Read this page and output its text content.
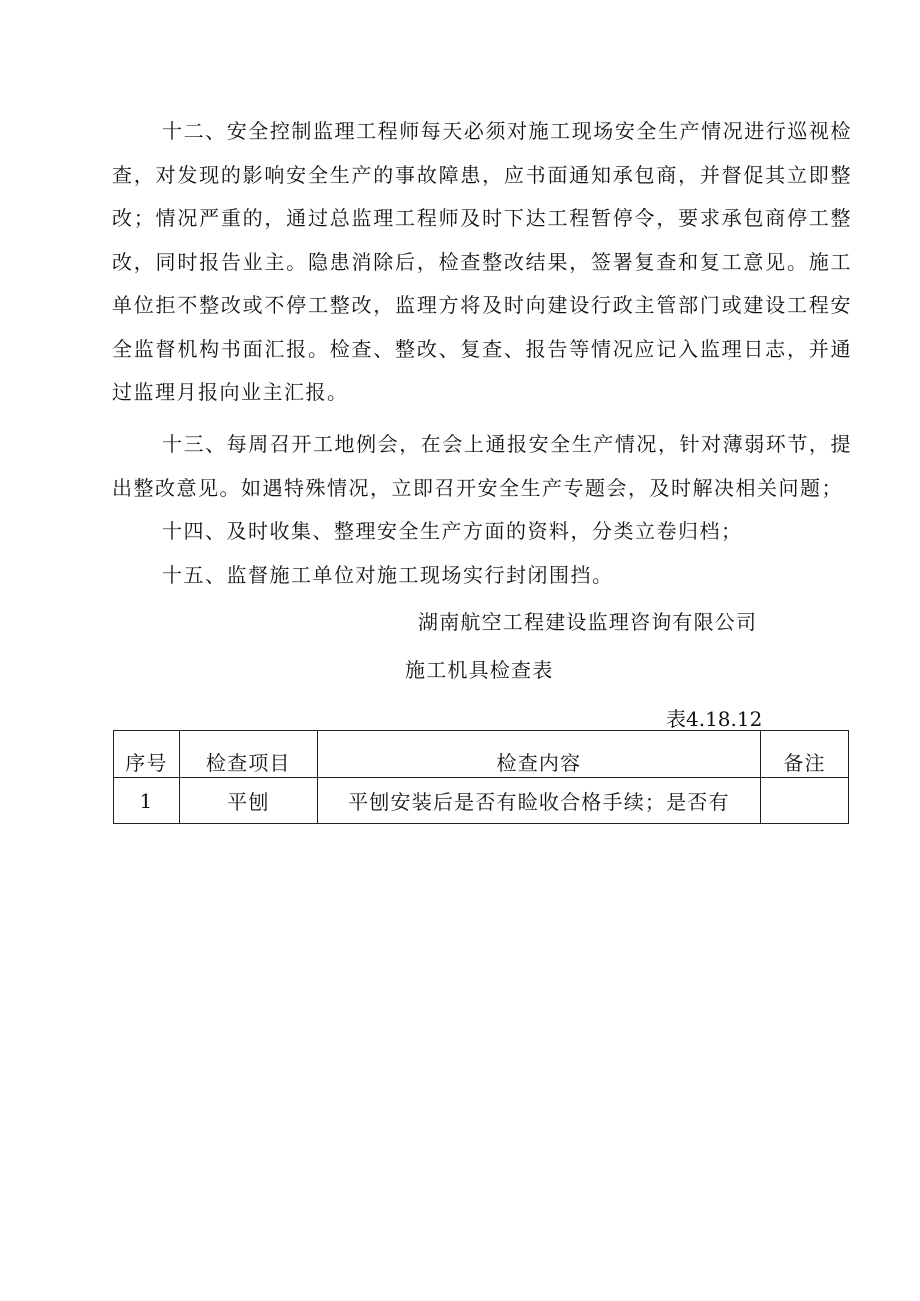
十二、安全控制监理工程师每天必须对施工现场安全生产情况进行巡视检查，对发现的影响安全生产的事故障患，应书面通知承包商，并督促其立即整改；情况严重的，通过总监理工程师及时下达工程暂停令，要求承包商停工整改，同时报告业主。隐患消除后，检查整改结果，签署复查和复工意见。施工单位拒不整改或不停工整改，监理方将及时向建设行政主管部门或建设工程安全监督机构书面汇报。检查、整改、复查、报告等情况应记入监理日志，并通过监理月报向业主汇报。

十三、每周召开工地例会，在会上通报安全生产情况，针对薄弱环节，提出整改意见。如遇特殊情况，立即召开安全生产专题会，及时解决相关问题；

十四、及时收集、整理安全生产方面的资料，分类立卷归档；

十五、监督施工单位对施工现场实行封闭围挡。

湖南航空工程建设监理咨询有限公司
施工机具检查表
表4.18.12
序号	检查项目	检查内容	备注
1	平刨	平刨安装后是否有睑收合格手续；是否有	
